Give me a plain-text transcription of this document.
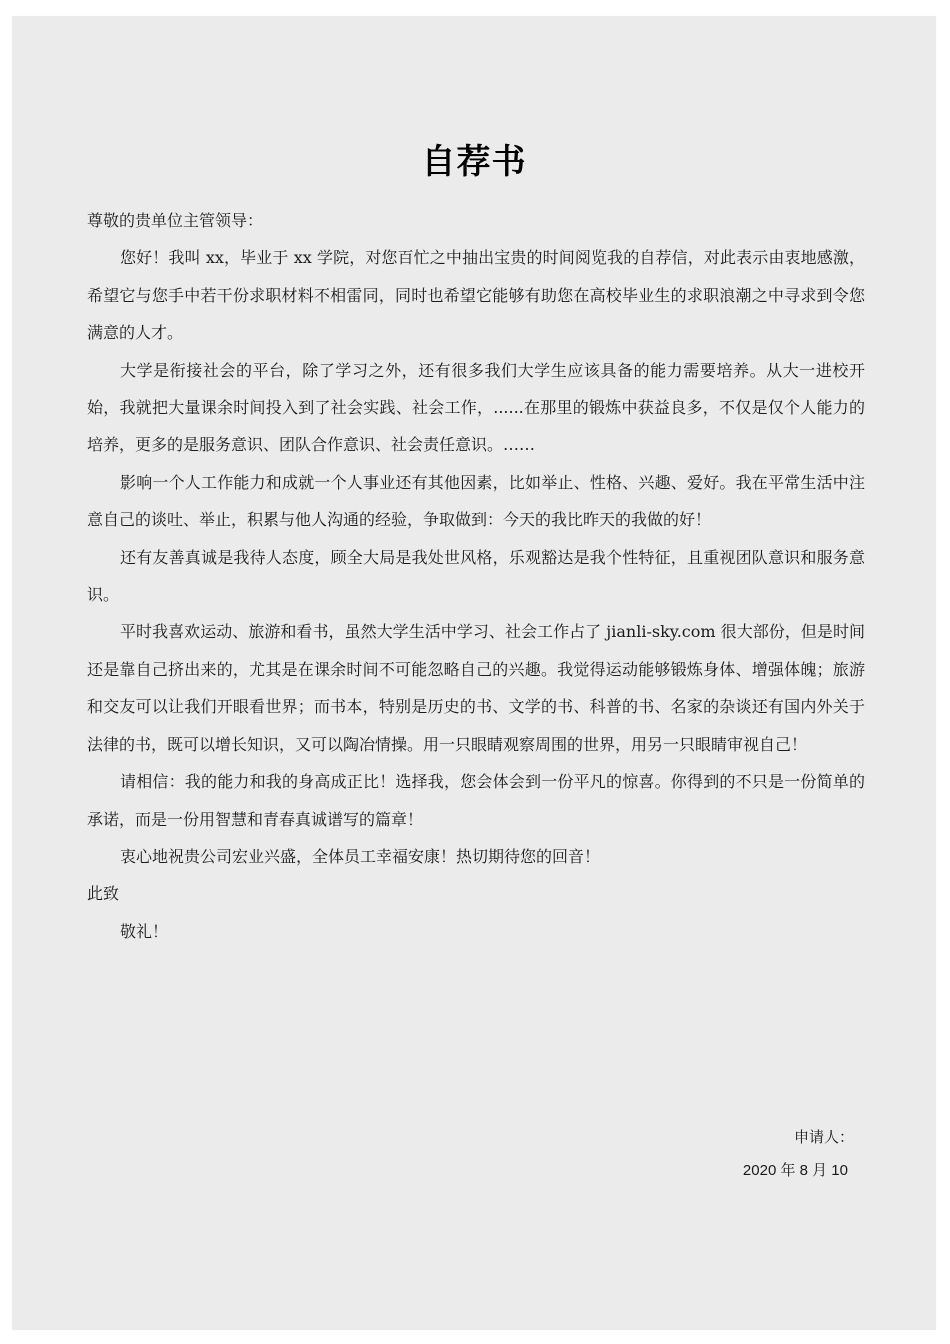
自荐书

尊敬的贵单位主管领导：

您好！我叫 xx，毕业于 xx 学院，对您百忙之中抽出宝贵的时间阅览我的自荐信，对此表示由衷地感激，希望它与您手中若干份求职材料不相雷同，同时也希望它能够有助您在高校毕业生的求职浪潮之中寻求到令您满意的人才。

大学是衔接社会的平台，除了学习之外，还有很多我们大学生应该具备的能力需要培养。从大一进校开始，我就把大量课余时间投入到了社会实践、社会工作，......在那里的锻炼中获益良多，不仅是仅个人能力的培养，更多的是服务意识、团队合作意识、社会责任意识。……

影响一个人工作能力和成就一个人事业还有其他因素，比如举止、性格、兴趣、爱好。我在平常生活中注意自己的谈吐、举止，积累与他人沟通的经验，争取做到：今天的我比昨天的我做的好！

还有友善真诚是我待人态度，顾全大局是我处世风格，乐观豁达是我个性特征，且重视团队意识和服务意识。

平时我喜欢运动、旅游和看书，虽然大学生活中学习、社会工作占了 jianli-sky.com 很大部份，但是时间还是靠自己挤出来的，尤其是在课余时间不可能忽略自己的兴趣。我觉得运动能够锻炼身体、增强体魄；旅游和交友可以让我们开眼看世界；而书本，特别是历史的书、文学的书、科普的书、名家的杂谈还有国内外关于法律的书，既可以增长知识，又可以陶冶情操。用一只眼睛观察周围的世界，用另一只眼睛审视自己！

请相信：我的能力和我的身高成正比！选择我，您会体会到一份平凡的惊喜。你得到的不只是一份简单的承诺，而是一份用智慧和青春真诚谱写的篇章！

衷心地祝贵公司宏业兴盛，全体员工幸福安康！热切期待您的回音！

此致

敬礼！

申请人：
2020 年 8 月 10
